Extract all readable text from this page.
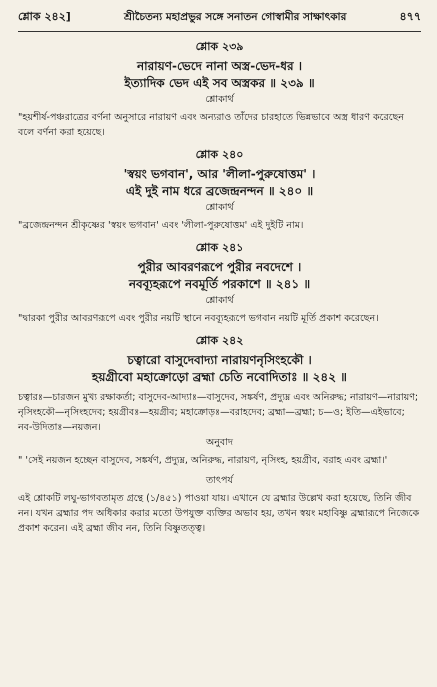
শ্লোক ২৪২]	শ্রীচৈতন্য মহাপ্রভুর সঙ্গে সনাতন গোস্বামীর সাক্ষাৎকার	৪৭৭
শ্লোক ২৩৯
নারায়ণ-ভেদে নানা অস্ত্র-ভেদ-ধর ।
ইত্যাদিক ভেদ এই সব অস্ত্রকর ॥ ২৩৯ ॥
শ্লোকার্থ
"হয়শীর্ষ-পঞ্চরাত্রের বর্ণনা অনুসারে নারায়ণ এবং অন্যরাও তাঁদের চারহাতে ভিন্নভাবে অস্ত্র ধারণ করেছেন বলে বর্ণনা করা হয়েছে।
শ্লোক ২৪০
'স্বয়ং ভগবান', আর 'লীলা-পুরুষোত্তম' ।
এই দুই নাম ধরে ব্রজেন্দ্রনন্দন ॥ ২৪০ ॥
শ্লোকার্থ
"ব্রজেন্দ্রনন্দন শ্রীকৃষ্ণের 'স্বয়ং ভগবান' এবং 'লীলা-পুরুষোত্তম' এই দুইটি নাম।
শ্লোক ২৪১
পুরীর আবরণরূপে পুরীর নবদেশে ।
নবব্যূহরূপে নবমূর্তি পরকাশে ॥ ২৪১ ॥
শ্লোকার্থ
"দ্বারকা পুরীর আবরণরূপে এবং পুরীর নয়টি স্থানে নবব্যূহরূপে ভগবান নয়টি মূর্তি প্রকাশ করেছেন।
শ্লোক ২৪২
চত্বারো বাসুদেবাদ্যা নারায়ণনৃসিংহকৌ ।
হয়গ্রীবো মহাক্রোড়ো ব্রহ্মা চেতি নবোদিতাঃ ॥ ২৪২ ॥
চত্বারঃ—চারজন মুখ্য রক্ষাকর্তা; বাসুদেব-আদ্যাঃ—বাসুদেব, সঙ্কর্ষণ, প্রদ্যুম্ন এবং অনিরুদ্ধ; নারায়ণ—নারায়ণ; নৃসিংহকৌ—নৃসিংহদেব; হয়গ্রীবঃ—হয়গ্রীব; মহাক্রোড়ঃ—বরাহদেব; ব্রহ্মা—ব্রহ্মা; চ—ও; ইতি—এইভাবে; নব-উদিতাঃ—নয়জন।
অনুবাদ
" 'সেই নয়জন হচ্ছেন বাসুদেব, সঙ্কর্ষণ, প্রদ্যুম্ন, অনিরুদ্ধ, নারায়ণ, নৃসিংহ, হয়গ্রীব, বরাহ এবং ব্রহ্মা।'
তাৎপর্য
এই শ্লোকটি লঘু-ভাগবতামৃত গ্রন্থে (১/৪৫১) পাওয়া যায়। এখানে যে ব্রহ্মার উল্লেখ করা হয়েছে, তিনি জীব নন। যখন ব্রহ্মার পদ অধিকার করার মতো উপযুক্ত ব্যক্তির অভাব হয়, তখন স্বয়ং মহাবিষ্ণু ব্রহ্মারূপে নিজেকে প্রকাশ করেন। এই ব্রহ্মা জীব নন, তিনি বিষ্ণুতত্ত্ব।
